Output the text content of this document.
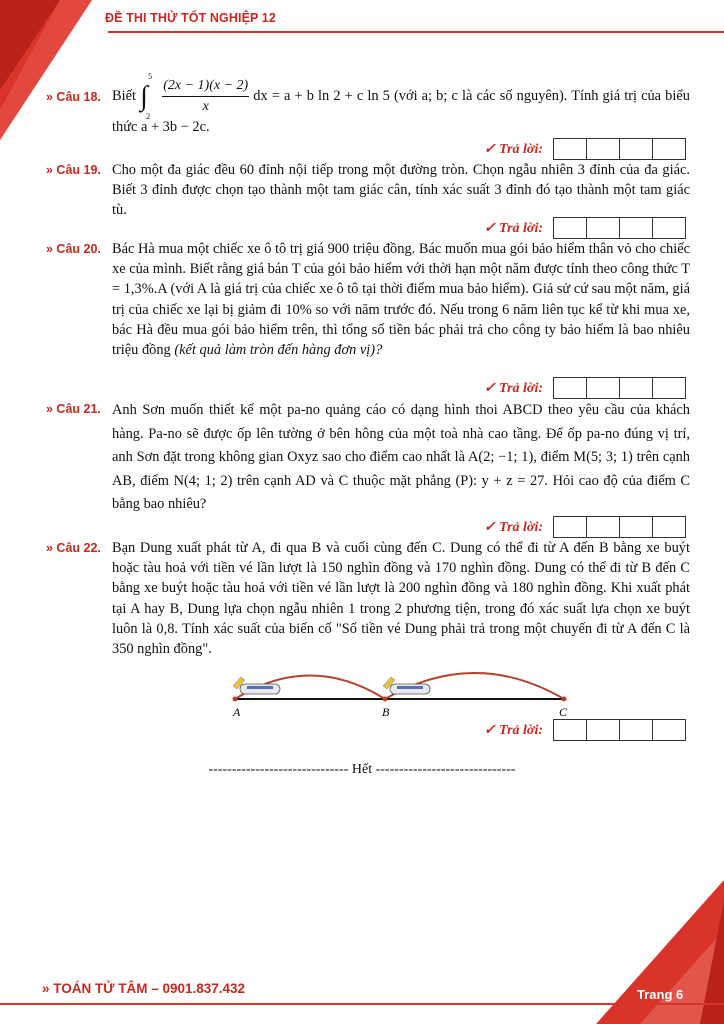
ĐỀ THI THỬ TỐT NGHIỆP 12
» Câu 18. Biết ∫
5
2
$\frac{(2x - 1)(x - 2)}{x}$ dx = a + b ln 2 + c ln 5 (với a; b; c là các số nguyên). Tính giá trị của biểu thức a + 3b − 2c.
✓ Trả lời:
» Câu 19. Cho một đa giác đều 60 đỉnh nội tiếp trong một đường tròn. Chọn ngẫu nhiên 3 đỉnh của đa giác. Biết 3 đỉnh được chọn tạo thành một tam giác cân, tính xác suất 3 đỉnh đó tạo thành một tam giác tù.
✓ Trả lời:
» Câu 20. Bác Hà mua một chiếc xe ô tô trị giá 900 triệu đồng. Bác muốn mua gói bảo hiểm thân vỏ cho chiếc xe của mình. Biết rằng giá bán T của gói bảo hiểm với thời hạn một năm được tính theo công thức T = 1,3%.A (với A là giá trị của chiếc xe ô tô tại thời điểm mua bảo hiểm). Giả sử cứ sau một năm, giá trị của chiếc xe lại bị giảm đi 10% so với năm trước đó. Nếu trong 6 năm liên tục kể từ khi mua xe, bác Hà đều mua gói bảo hiểm trên, thì tổng số tiền bác phải trả cho công ty bảo hiểm là bao nhiêu triệu đồng (kết quả làm tròn đến hàng đơn vị)?
✓ Trả lời:
» Câu 21. Anh Sơn muốn thiết kế một pa-no quảng cáo có dạng hình thoi ABCD theo yêu cầu của khách hàng. Pa-no sẽ được ốp lên tường ở bên hông của một toà nhà cao tầng. Để ốp pa-no đúng vị trí, anh Sơn đặt trong không gian Oxyz sao cho điểm cao nhất là A(2; −1; 1), điểm M(5; 3; 1) trên cạnh AB, điểm N(4; 1; 2) trên cạnh AD và C thuộc mặt phẳng (P): y + z = 27. Hỏi cao độ của điểm C bằng bao nhiêu?
✓ Trả lời:
» Câu 22. Bạn Dung xuất phát từ A, đi qua B và cuối cùng đến C. Dung có thể đi từ A đến B bằng xe buýt hoặc tàu hoả với tiền vé lần lượt là 150 nghìn đồng và 170 nghìn đồng. Dung có thể đi từ B đến C bằng xe buýt hoặc tàu hoả với tiền vé lần lượt là 200 nghìn đồng và 180 nghìn đồng. Khi xuất phát tại A hay B, Dung lựa chọn ngẫu nhiên 1 trong 2 phương tiện, trong đó xác suất lựa chọn xe buýt luôn là 0,8. Tính xác suất của biến cố "Số tiền vé Dung phải trả trong một chuyến đi từ A đến C là 350 nghìn đồng".
A	B	C
✓ Trả lời:
------------------------------ Hết ------------------------------
» TOÁN TỬ TÂM – 0901.837.432	Trang 6
